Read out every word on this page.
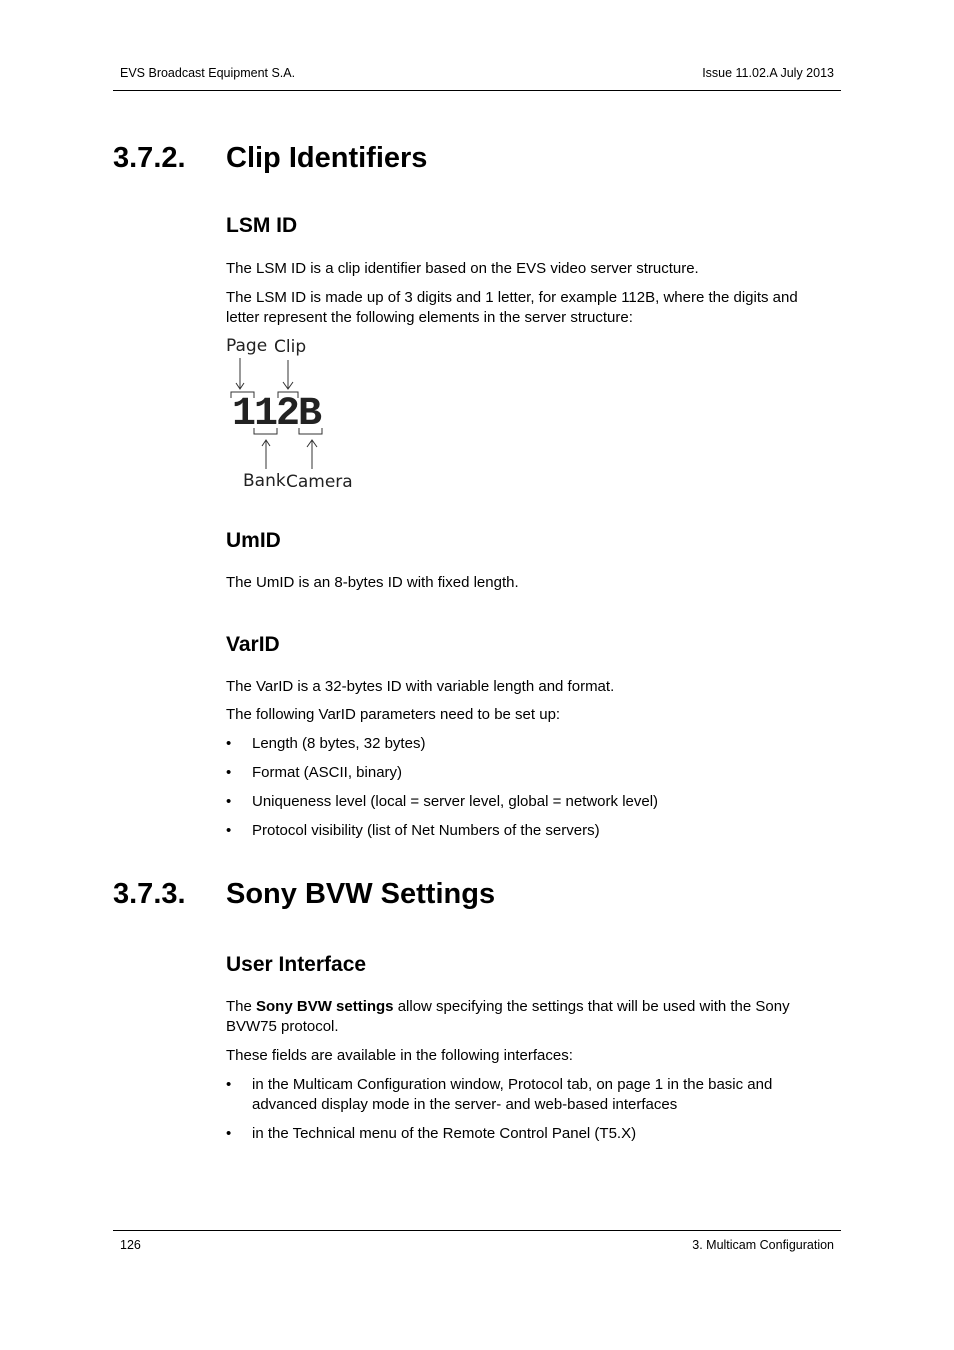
EVS Broadcast Equipment S.A.	Issue 11.02.A July 2013
3.7.2. Clip Identifiers
LSM ID
The LSM ID is a clip identifier based on the EVS video server structure.
The LSM ID is made up of 3 digits and 1 letter, for example 112B, where the digits and letter represent the following elements in the server structure:
Page Clip
112B
Bank Camera
UmID
The UmID is an 8-bytes ID with fixed length.
VarID
The VarID is a 32-bytes ID with variable length and format.
The following VarID parameters need to be set up:
• Length (8 bytes, 32 bytes)
• Format (ASCII, binary)
• Uniqueness level (local = server level, global = network level)
• Protocol visibility (list of Net Numbers of the servers)
3.7.3. Sony BVW Settings
User Interface
The Sony BVW settings allow specifying the settings that will be used with the Sony BVW75 protocol.
These fields are available in the following interfaces:
• in the Multicam Configuration window, Protocol tab, on page 1 in the basic and advanced display mode in the server- and web-based interfaces
• in the Technical menu of the Remote Control Panel (T5.X)
126	3. Multicam Configuration
